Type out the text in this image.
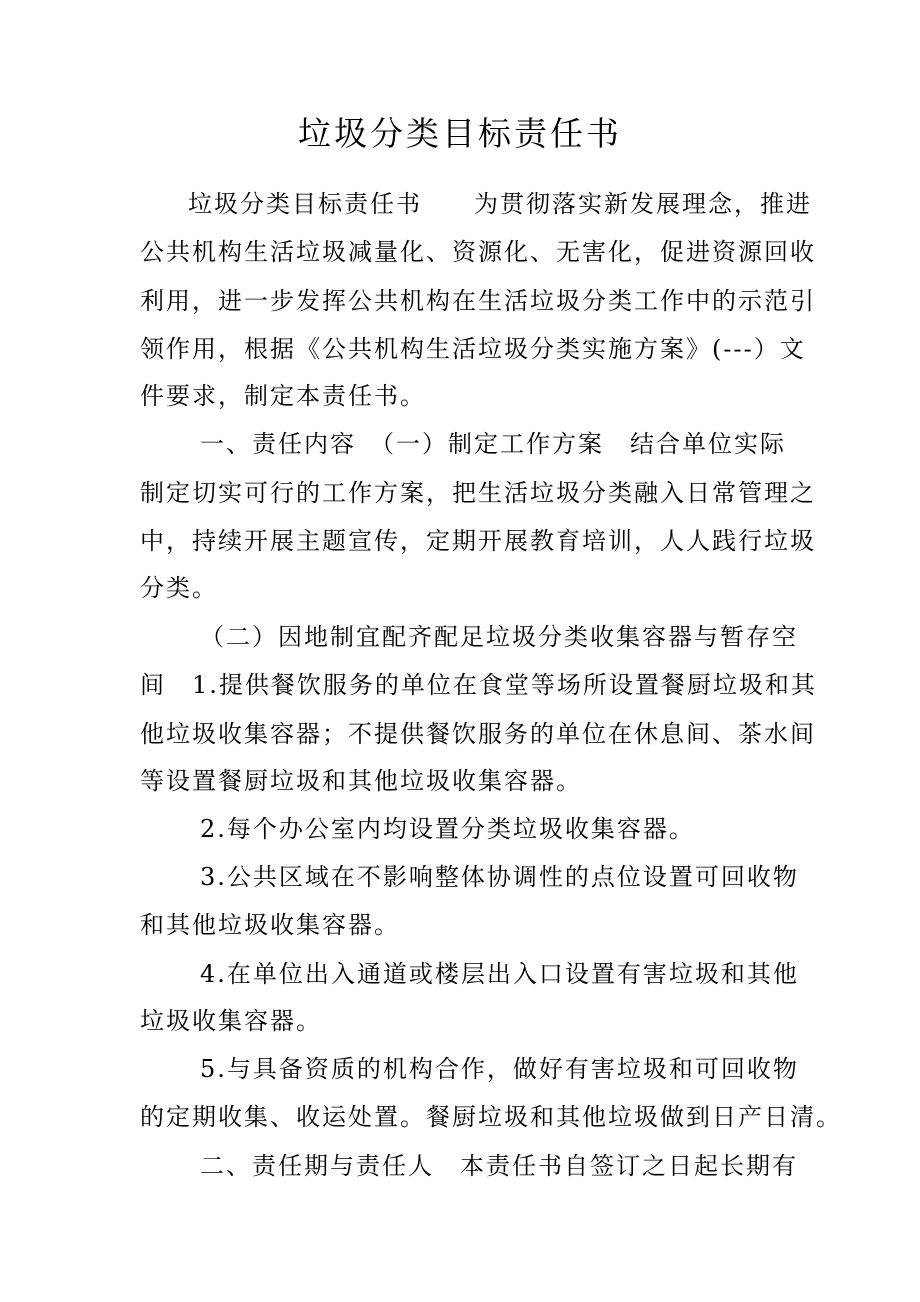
垃圾分类目标责任书
垃圾分类目标责任书　　为贯彻落实新发展理念，推进
公共机构生活垃圾减量化、资源化、无害化，促进资源回收
利用，进一步发挥公共机构在生活垃圾分类工作中的示范引
领作用，根据《公共机构生活垃圾分类实施方案》(---）文
件要求，制定本责任书。
一、责任内容　（一）制定工作方案　结合单位实际
制定切实可行的工作方案，把生活垃圾分类融入日常管理之
中，持续开展主题宣传，定期开展教育培训，人人践行垃圾
分类。
（二）因地制宜配齐配足垃圾分类收集容器与暂存空
间　1.提供餐饮服务的单位在食堂等场所设置餐厨垃圾和其
他垃圾收集容器；不提供餐饮服务的单位在休息间、茶水间
等设置餐厨垃圾和其他垃圾收集容器。
2.每个办公室内均设置分类垃圾收集容器。
3.公共区域在不影响整体协调性的点位设置可回收物
和其他垃圾收集容器。
4.在单位出入通道或楼层出入口设置有害垃圾和其他
垃圾收集容器。
5.与具备资质的机构合作，做好有害垃圾和可回收物
的定期收集、收运处置。餐厨垃圾和其他垃圾做到日产日清。
二、责任期与责任人　本责任书自签订之日起长期有
